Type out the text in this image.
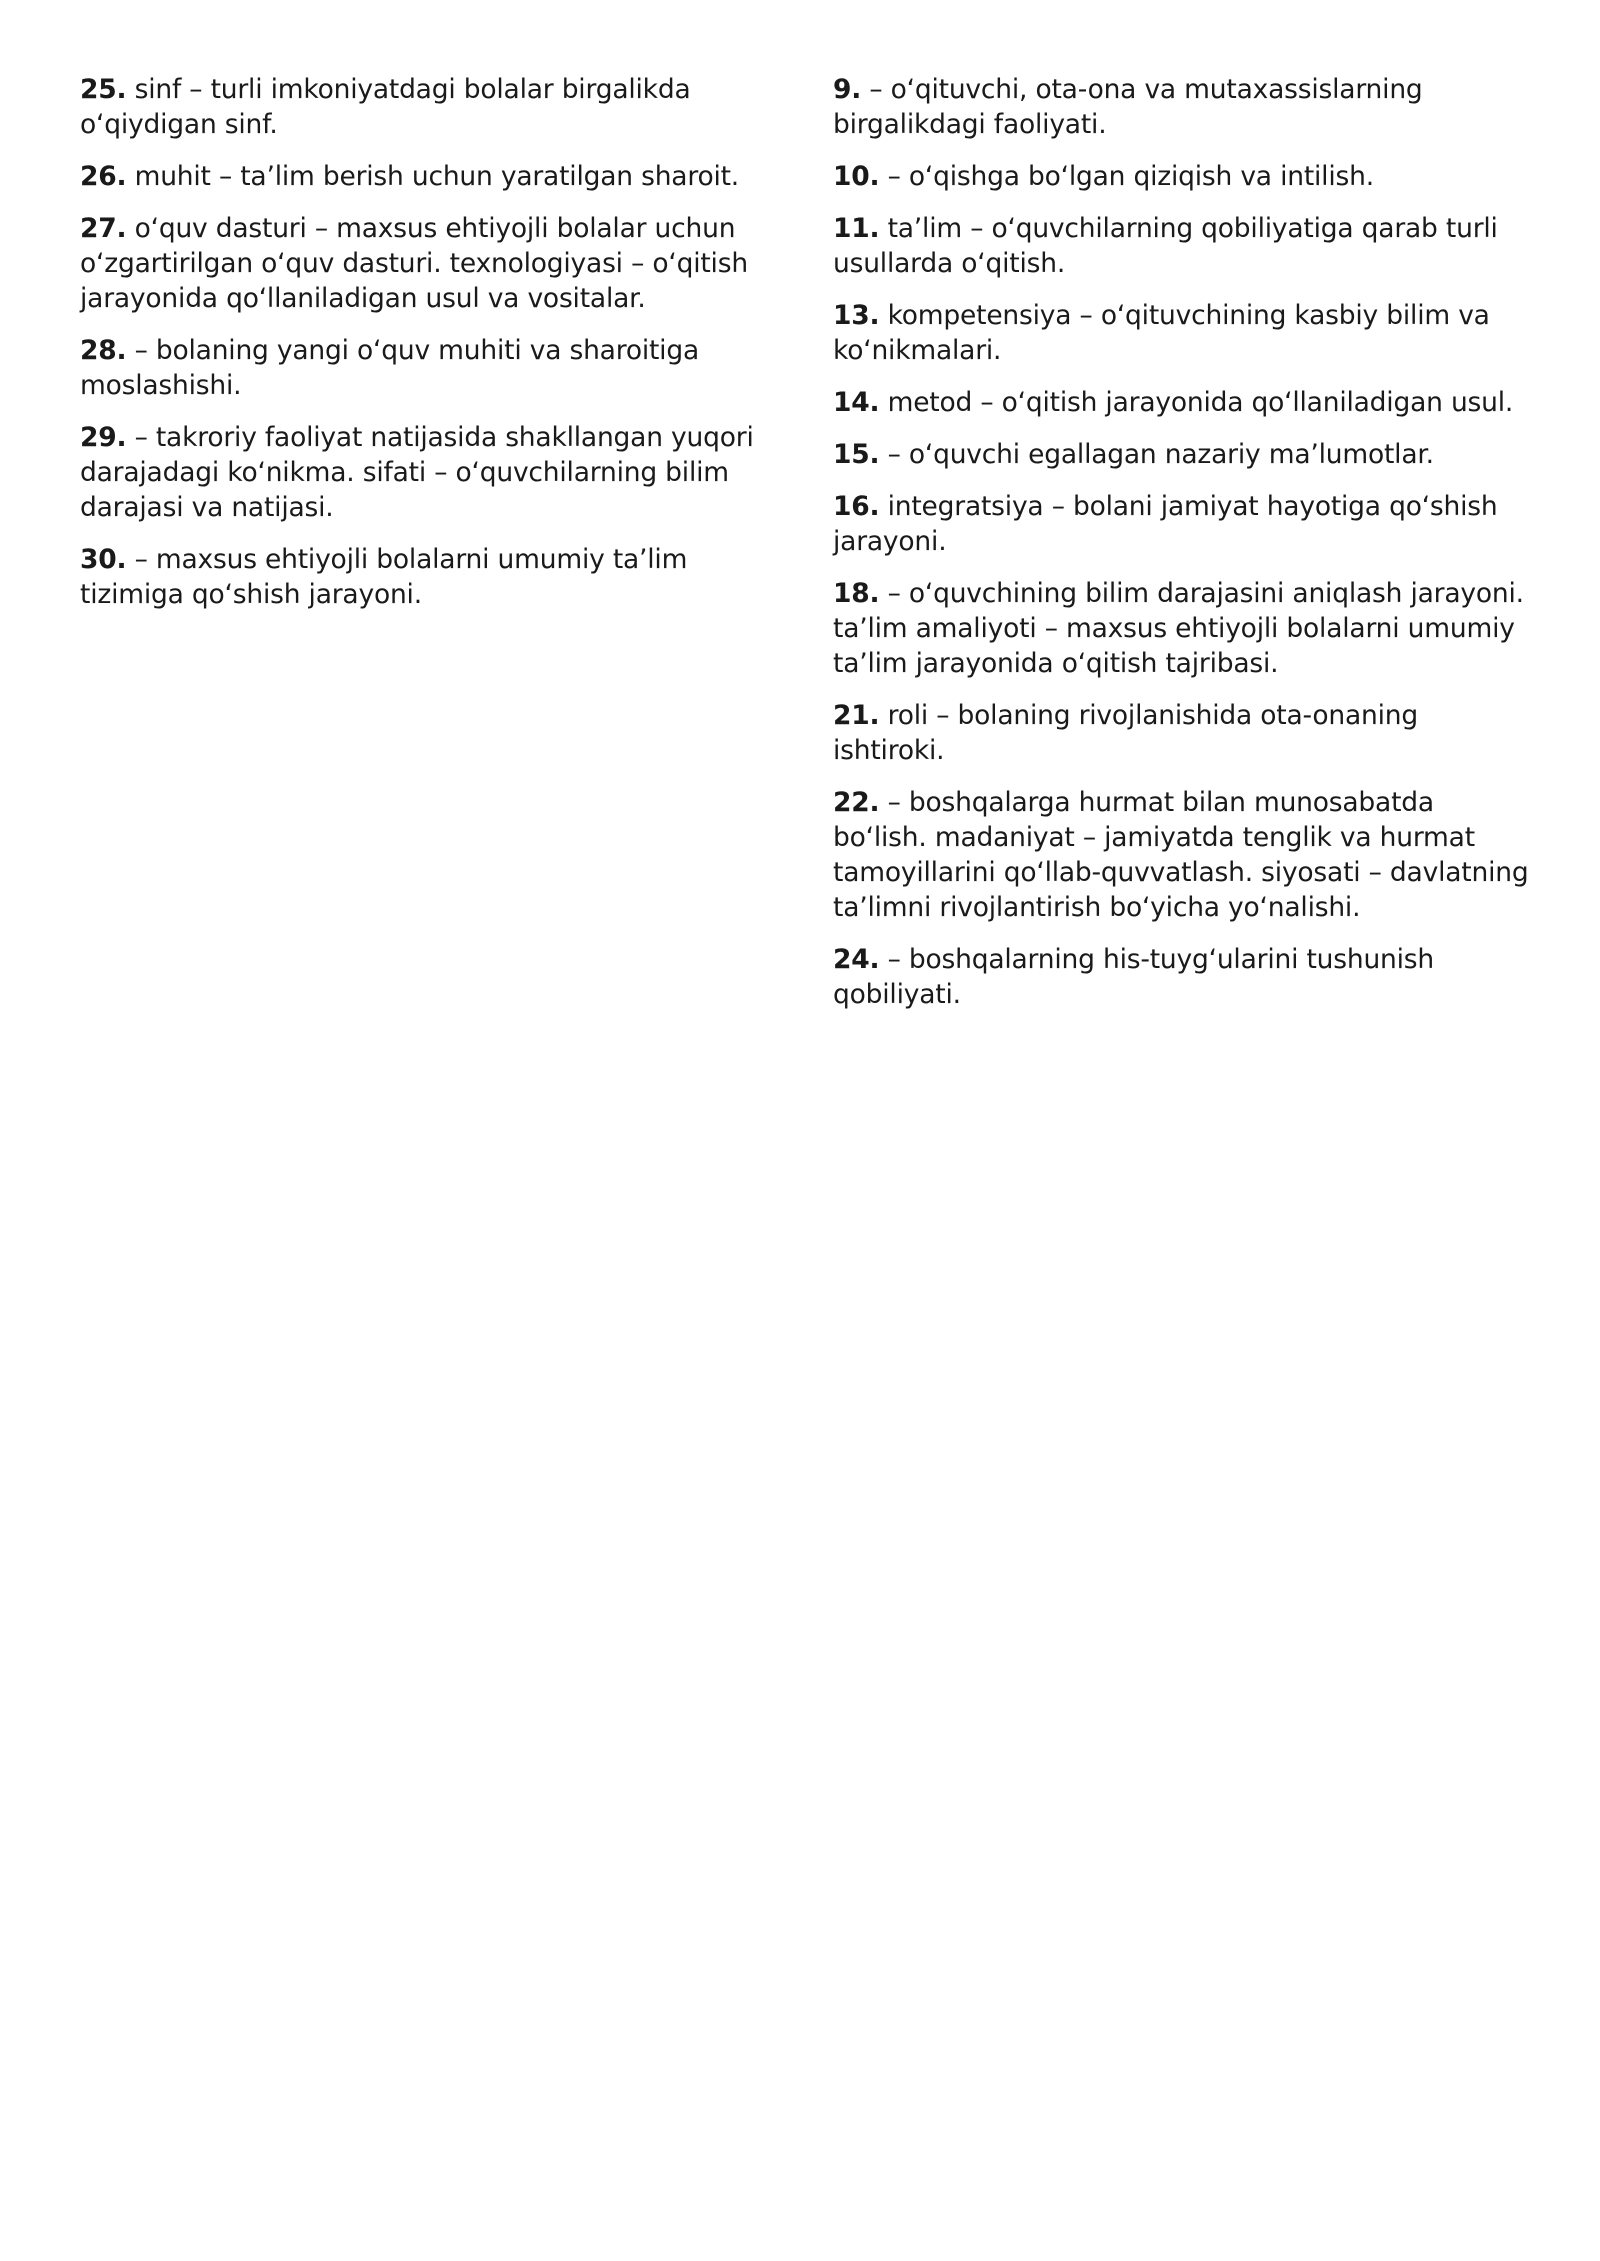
25. sinf – turli imkoniyatdagi bolalar birgalikda o‘qiydigan sinf.

26. muhit – ta’lim berish uchun yaratilgan sharoit.

27. o‘quv dasturi – maxsus ehtiyojli bolalar uchun o‘zgartirilgan o‘quv dasturi. texnologiyasi – o‘qitish jarayonida qo‘llaniladigan usul va vositalar.

28. – bolaning yangi o‘quv muhiti va sharoitiga moslashishi.

29. – takroriy faoliyat natijasida shakllangan yuqori darajadagi ko‘nikma. sifati – o‘quvchilarning bilim darajasi va natijasi.

30. – maxsus ehtiyojli bolalarni umumiy ta’lim tizimiga qo‘shish jarayoni.

9. – o‘qituvchi, ota-ona va mutaxassislarning birgalikdagi faoliyati.

10. – o‘qishga bo‘lgan qiziqish va intilish.

11. ta’lim – o‘quvchilarning qobiliyatiga qarab turli usullarda o‘qitish.

13. kompetensiya – o‘qituvchining kasbiy bilim va ko‘nikmalari.

14. metod – o‘qitish jarayonida qo‘llaniladigan usul.

15. – o‘quvchi egallagan nazariy ma’lumotlar.

16. integratsiya – bolani jamiyat hayotiga qo‘shish jarayoni.

18. – o‘quvchining bilim darajasini aniqlash jarayoni. ta’lim amaliyoti – maxsus ehtiyojli bolalarni umumiy ta’lim jarayonida o‘qitish tajribasi.

21. roli – bolaning rivojlanishida ota-onaning ishtiroki.

22. – boshqalarga hurmat bilan munosabatda bo‘lish. madaniyat – jamiyatda tenglik va hurmat tamoyillarini qo‘llab-quvvatlash. siyosati – davlatning ta’limni rivojlantirish bo‘yicha yo‘nalishi.

24. – boshqalarning his-tuyg‘ularini tushunish qobiliyati.
